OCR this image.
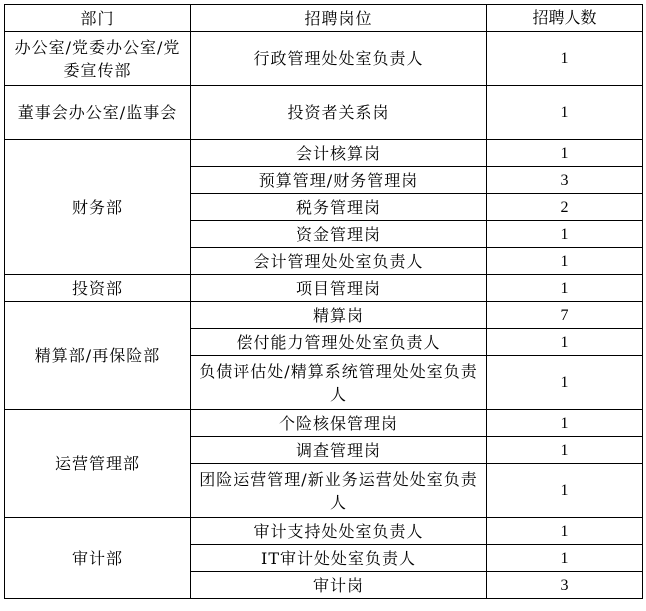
部门	招聘岗位	招聘人数
办公室/党委办公室/党委宣传部	行政管理处处室负责人	1
董事会办公室/监事会	投资者关系岗	1
财务部	会计核算岗	1
	预算管理/财务管理岗	3
	税务管理岗	2
	资金管理岗	1
	会计管理处处室负责人	1
投资部	项目管理岗	1
精算部/再保险部	精算岗	7
	偿付能力管理处处室负责人	1
	负债评估处/精算系统管理处处室负责人	1
运营管理部	个险核保管理岗	1
	调查管理岗	1
	团险运营管理/新业务运营处处室负责人	1
审计部	审计支持处处室负责人	1
	IT审计处处室负责人	1
	审计岗	3
